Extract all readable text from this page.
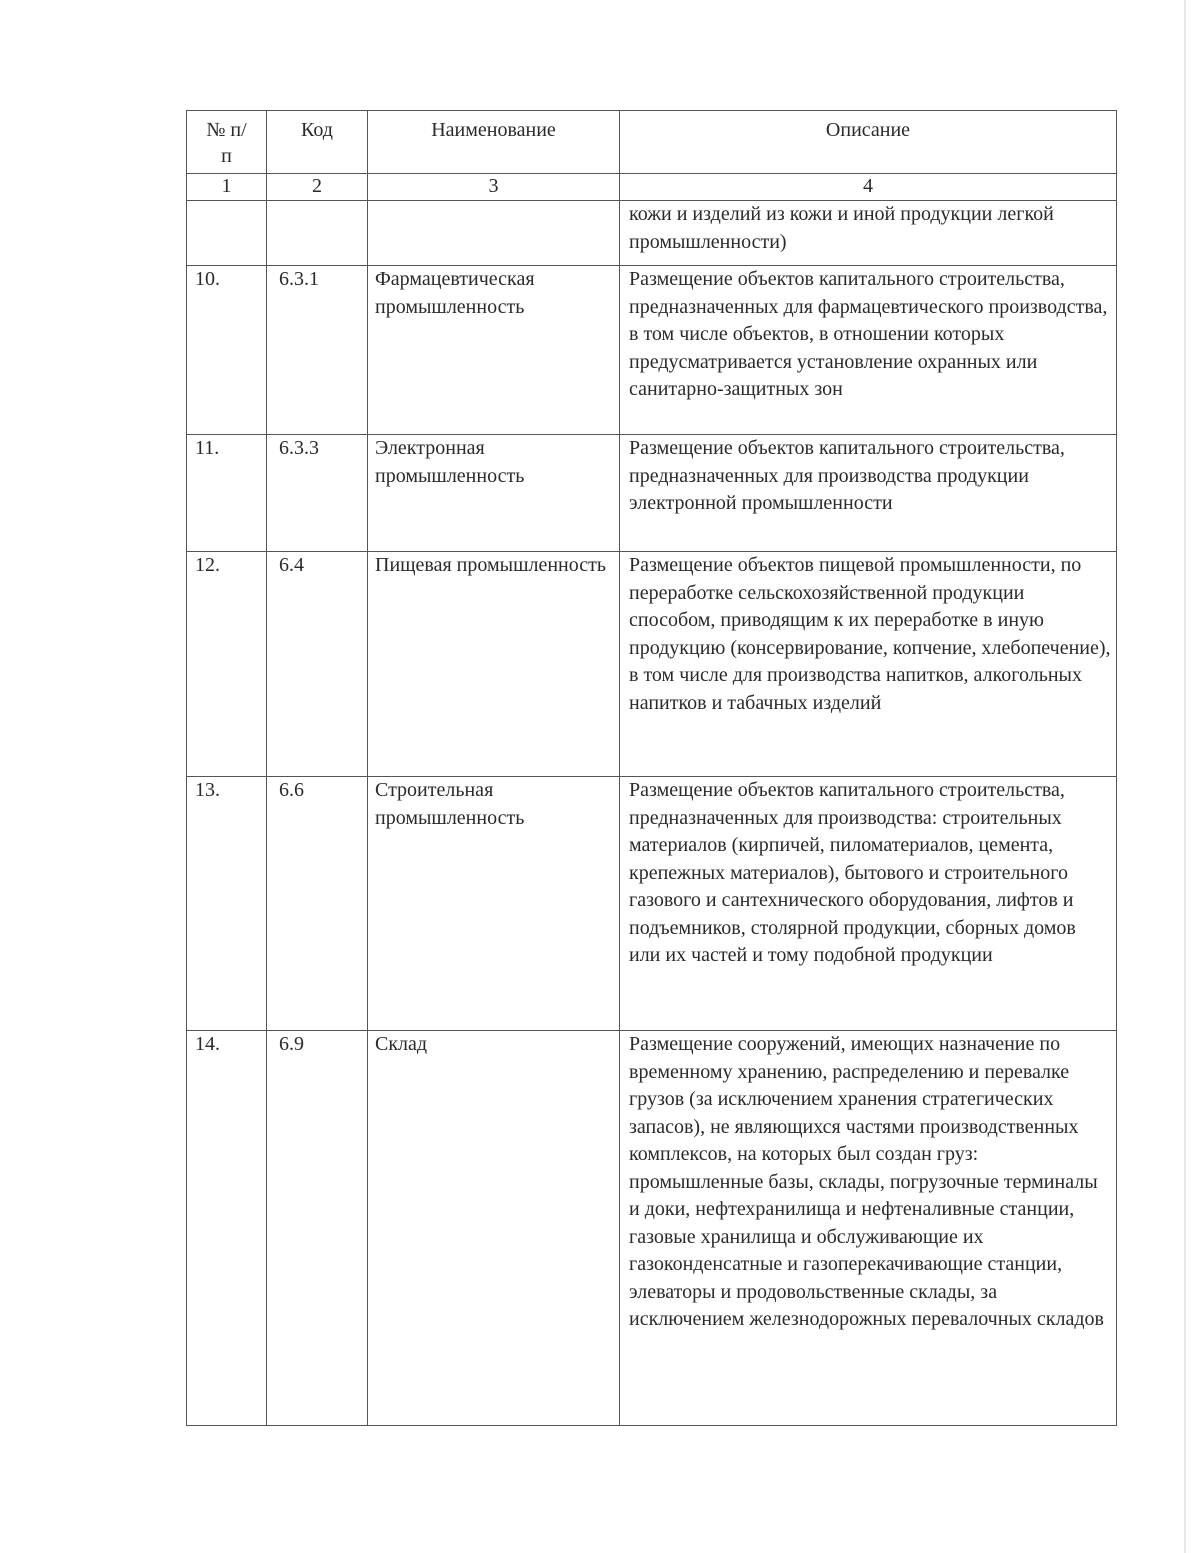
№ п/п	Код	Наименование	Описание
1	2	3	4
			кожи и изделий из кожи и иной продукции легкой промышленности)
10.	6.3.1	Фармацевтическая промышленность	Размещение объектов капитального строительства, предназначенных для фармацевтического производства, в том числе объектов, в отношении которых предусматривается установление охранных или санитарно-защитных зон
11.	6.3.3	Электронная промышленность	Размещение объектов капитального строительства, предназначенных для производства продукции электронной промышленности
12.	6.4	Пищевая промышленность	Размещение объектов пищевой промышленности, по переработке сельскохозяйственной продукции способом, приводящим к их переработке в иную продукцию (консервирование, копчение, хлебопечение), в том числе для производства напитков, алкогольных напитков и табачных изделий
13.	6.6	Строительная промышленность	Размещение объектов капитального строительства, предназначенных для производства: строительных материалов (кирпичей, пиломатериалов, цемента, крепежных материалов), бытового и строительного газового и сантехнического оборудования, лифтов и подъемников, столярной продукции, сборных домов или их частей и тому подобной продукции
14.	6.9	Склад	Размещение сооружений, имеющих назначение по временному хранению, распределению и перевалке грузов (за исключением хранения стратегических запасов), не являющихся частями производственных комплексов, на которых был создан груз: промышленные базы, склады, погрузочные терминалы и доки, нефтехранилища и нефтеналивные станции, газовые хранилища и обслуживающие их газоконденсатные и газоперекачивающие станции, элеваторы и продовольственные склады, за исключением железнодорожных перевалочных складов
